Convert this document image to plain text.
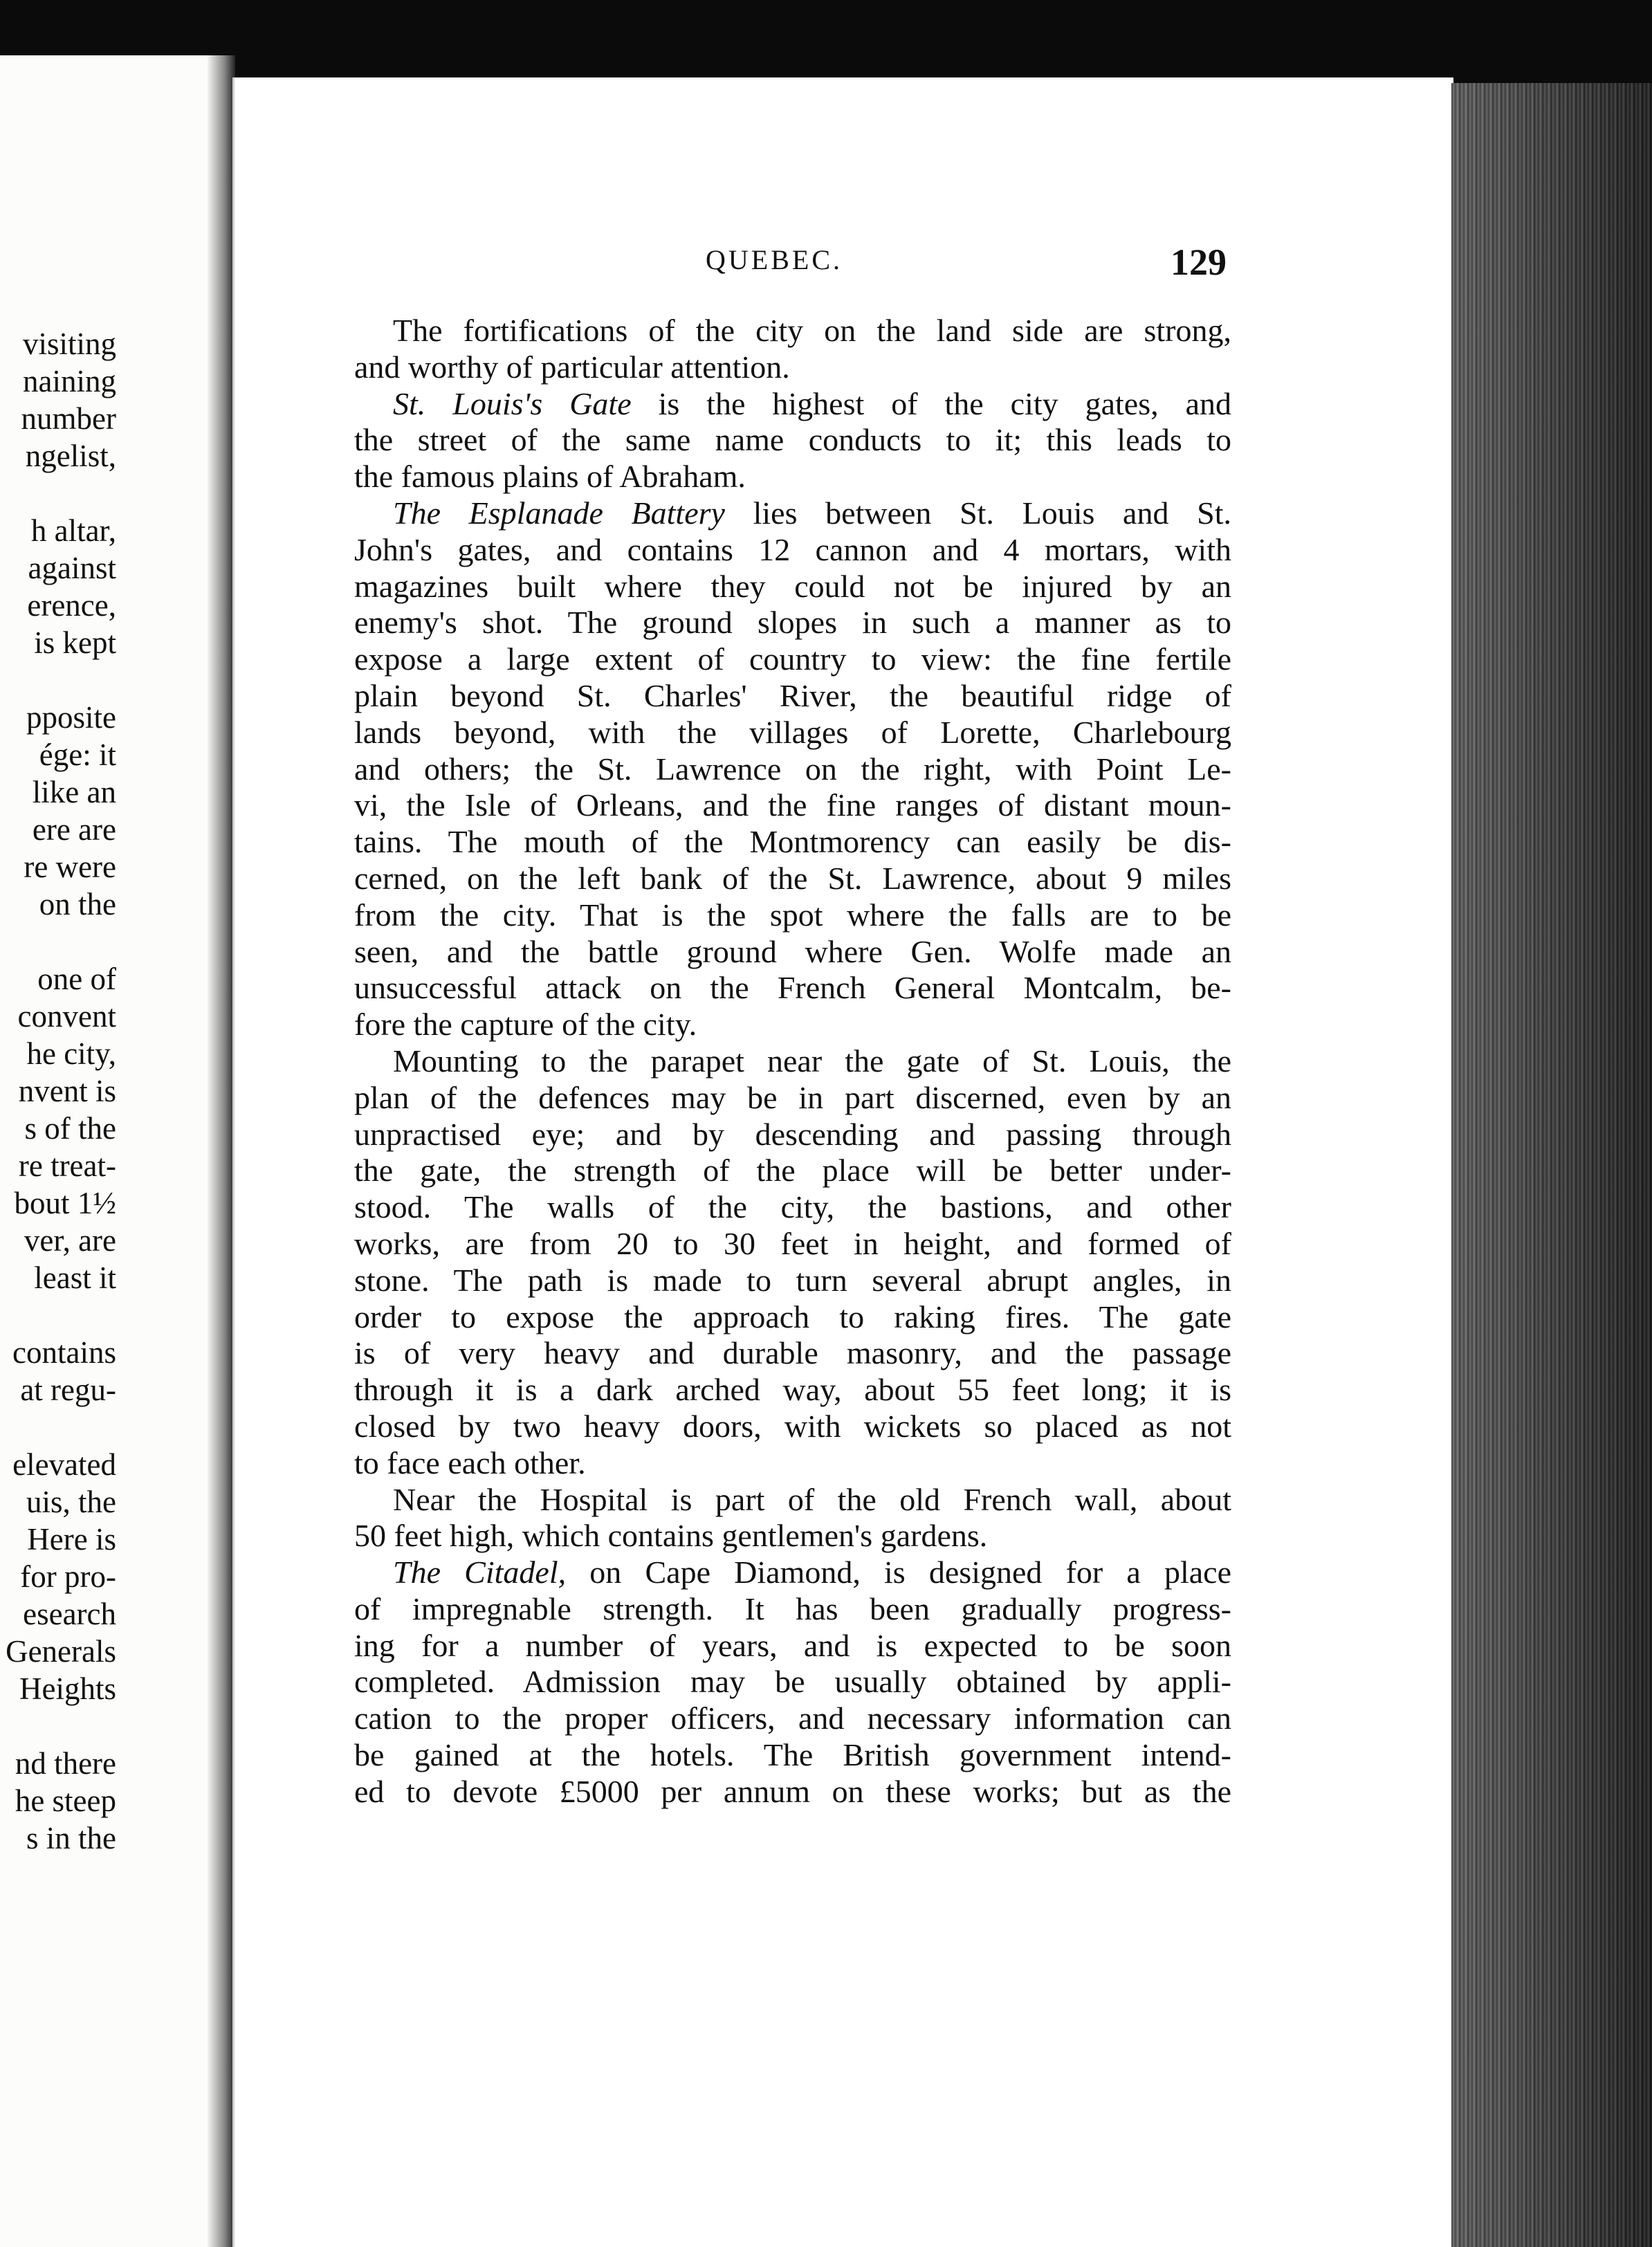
visiting
naining
number
ngelist,
h altar,
against
erence,
is kept
pposite
ége: it
like an
ere are
re were
on the
one of
convent
he city,
nvent is
s of the
re treat-
bout 1½
ver, are
least it
contains
at regu-
elevated
uis, the
Here is
for pro-
esearch
Generals
Heights
nd there
he steep
s in the
QUEBEC.	129
The fortifications of the city on the land side are strong,
and worthy of particular attention.
St. Louis's Gate is the highest of the city gates, and
the street of the same name conducts to it; this leads to
the famous plains of Abraham.
The Esplanade Battery lies between St. Louis and St.
John's gates, and contains 12 cannon and 4 mortars, with
magazines built where they could not be injured by an
enemy's shot. The ground slopes in such a manner as to
expose a large extent of country to view: the fine fertile
plain beyond St. Charles' River, the beautiful ridge of
lands beyond, with the villages of Lorette, Charlebourg
and others; the St. Lawrence on the right, with Point Le-
vi, the Isle of Orleans, and the fine ranges of distant moun-
tains. The mouth of the Montmorency can easily be dis-
cerned, on the left bank of the St. Lawrence, about 9 miles
from the city. That is the spot where the falls are to be
seen, and the battle ground where Gen. Wolfe made an
unsuccessful attack on the French General Montcalm, be-
fore the capture of the city.
Mounting to the parapet near the gate of St. Louis, the
plan of the defences may be in part discerned, even by an
unpractised eye; and by descending and passing through
the gate, the strength of the place will be better under-
stood. The walls of the city, the bastions, and other
works, are from 20 to 30 feet in height, and formed of
stone. The path is made to turn several abrupt angles, in
order to expose the approach to raking fires. The gate
is of very heavy and durable masonry, and the passage
through it is a dark arched way, about 55 feet long; it is
closed by two heavy doors, with wickets so placed as not
to face each other.
Near the Hospital is part of the old French wall, about
50 feet high, which contains gentlemen's gardens.
The Citadel, on Cape Diamond, is designed for a place
of impregnable strength. It has been gradually progress-
ing for a number of years, and is expected to be soon
completed. Admission may be usually obtained by appli-
cation to the proper officers, and necessary information can
be gained at the hotels. The British government intend-
ed to devote £5000 per annum on these works; but as the
